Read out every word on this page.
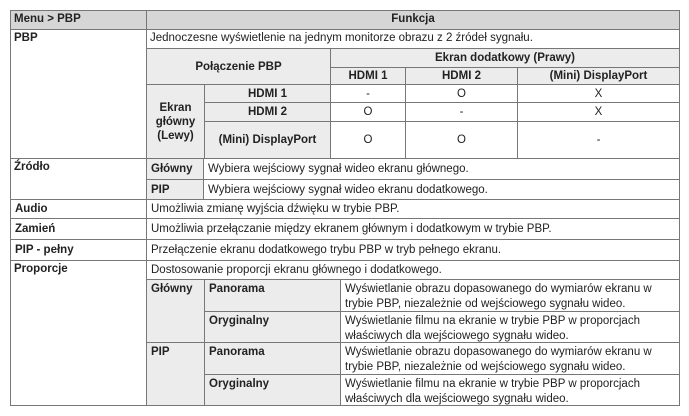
Menu > PBP	Funkcja
PBP	Jednoczesne wyświetlenie na jednym monitorze obrazu z 2 źródeł sygnału.
Połączenie PBP
Ekran dodatkowy (Prawy)
HDMI 1	HDMI 2	(Mini) DisplayPort
Ekran główny (Lewy)
HDMI 1	-	O	X
HDMI 2	O	-	X
(Mini) DisplayPort	O	O	-
Źródło	Główny	Wybiera wejściowy sygnał wideo ekranu głównego.
PIP	Wybiera wejściowy sygnał wideo ekranu dodatkowego.
Audio	Umożliwia zmianę wyjścia dźwięku w trybie PBP.
Zamień	Umożliwia przełączanie między ekranem głównym i dodatkowym w trybie PBP.
PIP - pełny	Przełączenie ekranu dodatkowego trybu PBP w tryb pełnego ekranu.
Proporcje	Dostosowanie proporcji ekranu głównego i dodatkowego.
Główny	Panorama	Wyświetlanie obrazu dopasowanego do wymiarów ekranu w
trybie PBP, niezależnie od wejściowego sygnału wideo.
Oryginalny	Wyświetlanie filmu na ekranie w trybie PBP w proporcjach
właściwych dla wejściowego sygnału wideo.
PIP	Panorama	Wyświetlanie obrazu dopasowanego do wymiarów ekranu w
trybie PBP, niezależnie od wejściowego sygnału wideo.
Oryginalny	Wyświetlanie filmu na ekranie w trybie PBP w proporcjach
właściwych dla wejściowego sygnału wideo.
